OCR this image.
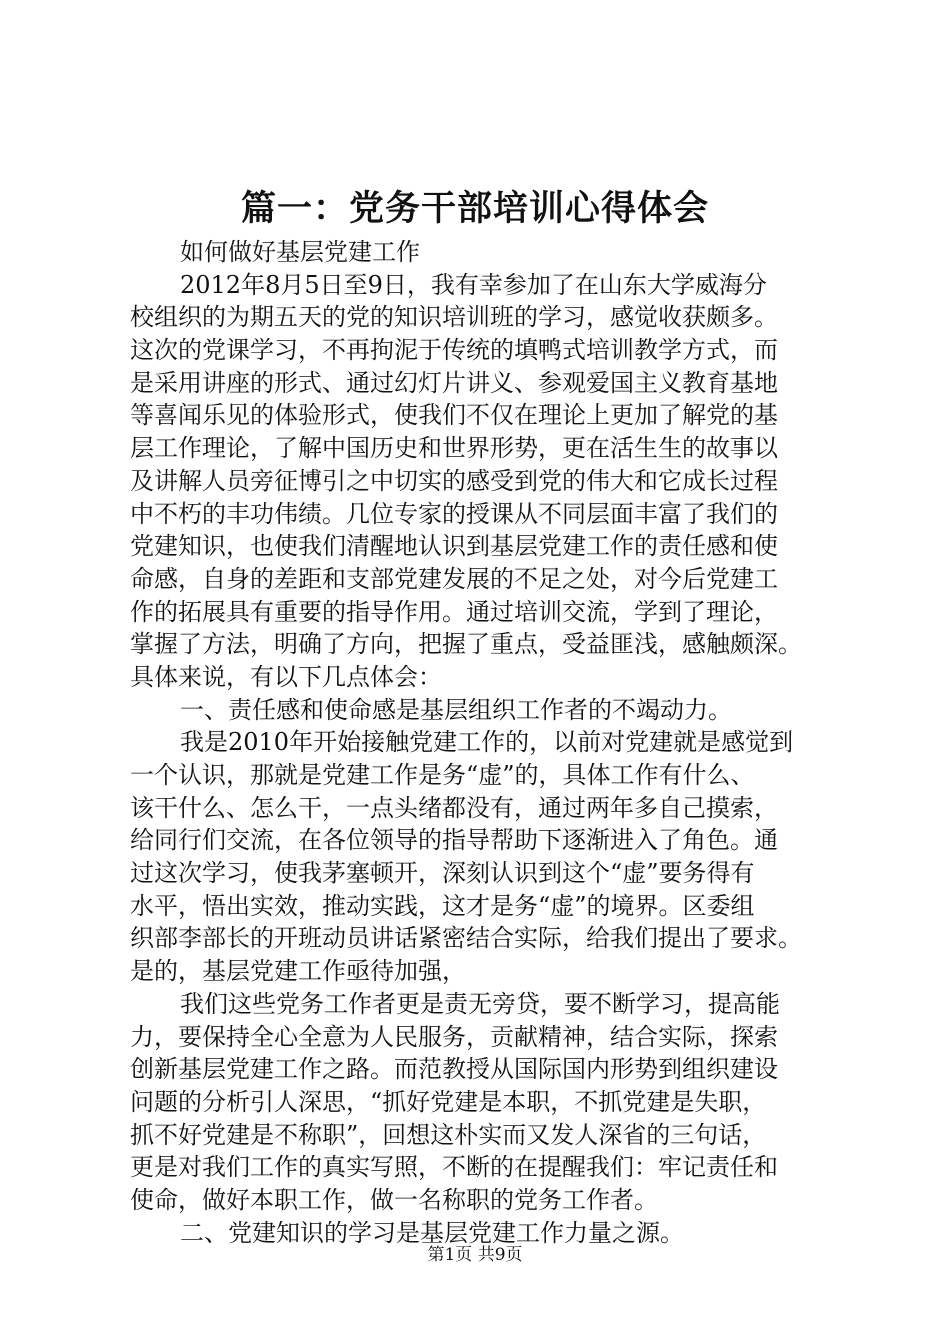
篇一：党务干部培训心得体会
如何做好基层党建工作
2012年8月5日至9日，我有幸参加了在山东大学威海分
校组织的为期五天的党的知识培训班的学习，感觉收获颇多。
这次的党课学习，不再拘泥于传统的填鸭式培训教学方式，而
是采用讲座的形式、通过幻灯片讲义、参观爱国主义教育基地
等喜闻乐见的体验形式，使我们不仅在理论上更加了解党的基
层工作理论，了解中国历史和世界形势，更在活生生的故事以
及讲解人员旁征博引之中切实的感受到党的伟大和它成长过程
中不朽的丰功伟绩。几位专家的授课从不同层面丰富了我们的
党建知识，也使我们清醒地认识到基层党建工作的责任感和使
命感，自身的差距和支部党建发展的不足之处，对今后党建工
作的拓展具有重要的指导作用。通过培训交流，学到了理论，
掌握了方法，明确了方向，把握了重点，受益匪浅，感触颇深。
具体来说，有以下几点体会：
一、责任感和使命感是基层组织工作者的不竭动力。
我是2010年开始接触党建工作的，以前对党建就是感觉到
一个认识，那就是党建工作是务“虚”的，具体工作有什么、
该干什么、怎么干，一点头绪都没有，通过两年多自己摸索，
给同行们交流，在各位领导的指导帮助下逐渐进入了角色。通
过这次学习，使我茅塞顿开，深刻认识到这个“虚”要务得有
水平，悟出实效，推动实践，这才是务“虚”的境界。区委组
织部李部长的开班动员讲话紧密结合实际，给我们提出了要求。
是的，基层党建工作亟待加强，
我们这些党务工作者更是责无旁贷，要不断学习，提高能
力，要保持全心全意为人民服务，贡献精神，结合实际，探索
创新基层党建工作之路。而范教授从国际国内形势到组织建设
问题的分析引人深思，“抓好党建是本职，不抓党建是失职，
抓不好党建是不称职”，回想这朴实而又发人深省的三句话，
更是对我们工作的真实写照，不断的在提醒我们：牢记责任和
使命，做好本职工作，做一名称职的党务工作者。
二、党建知识的学习是基层党建工作力量之源。
第1页 共9页
